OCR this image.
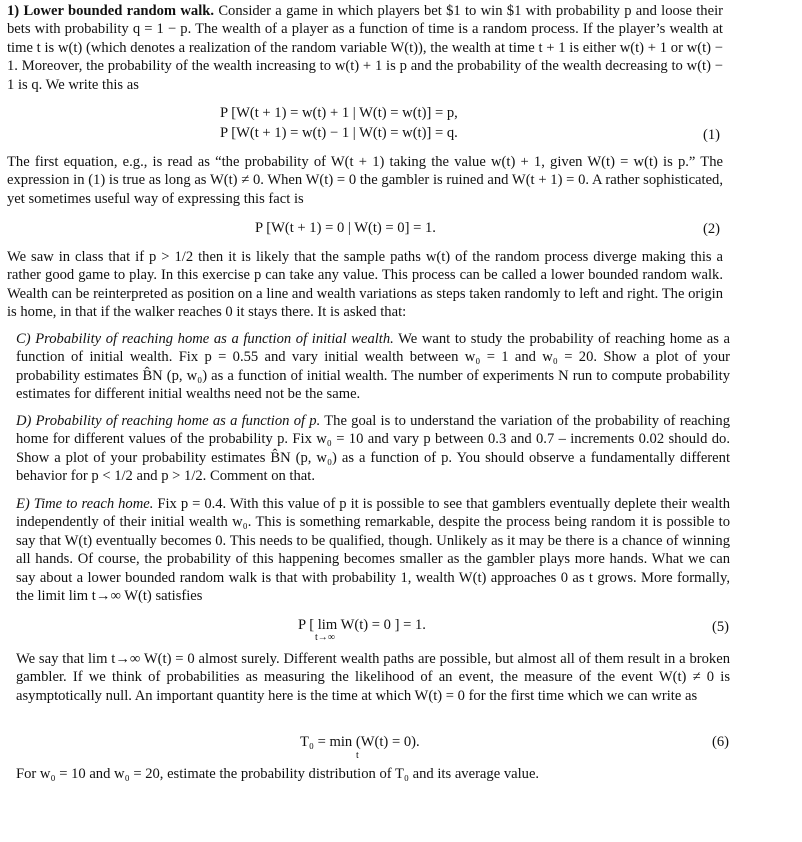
1) Lower bounded random walk. Consider a game in which players bet $1 to win $1 with probability p and loose their bets with probability q = 1 − p. The wealth of a player as a function of time is a random process. If the player’s wealth at time t is w(t) (which denotes a realization of the random variable W(t)), the wealth at time t + 1 is either w(t) + 1 or w(t) − 1. Moreover, the probability of the wealth increasing to w(t) + 1 is p and the probability of the wealth decreasing to w(t) − 1 is q. We write this as

P [W(t + 1) = w(t) + 1 | W(t) = w(t)] = p,
P [W(t + 1) = w(t) − 1 | W(t) = w(t)] = q.	(1)

The first equation, e.g., is read as “the probability of W(t + 1) taking the value w(t) + 1, given W(t) = w(t) is p.” The expression in (1) is true as long as W(t) ≠ 0. When W(t) = 0 the gambler is ruined and W(t + 1) = 0. A rather sophisticated, yet sometimes useful way of expressing this fact is

P [W(t + 1) = 0 | W(t) = 0] = 1.	(2)

We saw in class that if p > 1/2 then it is likely that the sample paths w(t) of the random process diverge making this a rather good game to play. In this exercise p can take any value. This process can be called a lower bounded random walk. Wealth can be reinterpreted as position on a line and wealth variations as steps taken randomly to left and right. The origin is home, in that if the walker reaches 0 it stays there. It is asked that:

C) Probability of reaching home as a function of initial wealth. We want to study the probability of reaching home as a function of initial wealth. Fix p = 0.55 and vary initial wealth between w₀ = 1 and w₀ = 20. Show a plot of your probability estimates B̂N (p, w₀) as a function of initial wealth. The number of experiments N run to compute probability estimates for different initial wealths need not be the same.

D) Probability of reaching home as a function of p. The goal is to understand the variation of the probability of reaching home for different values of the probability p. Fix w₀ = 10 and vary p between 0.3 and 0.7 – increments 0.02 should do. Show a plot of your probability estimates B̂N (p, w₀) as a function of p. You should observe a fundamentally different behavior for p < 1/2 and p > 1/2. Comment on that.

E) Time to reach home. Fix p = 0.4. With this value of p it is possible to see that gamblers eventually deplete their wealth independently of their initial wealth w₀. This is something remarkable, despite the process being random it is possible to say that W(t) eventually becomes 0. This needs to be qualified, though. Unlikely as it may be there is a chance of winning all hands. Of course, the probability of this happening becomes smaller as the gambler plays more hands. What we can say about a lower bounded random walk is that with probability 1, wealth W(t) approaches 0 as t grows. More formally, the limit lim t→∞ W(t) satisfies

P [ lim W(t) = 0 ] = 1.
t→∞
(5)

We say that lim t→∞ W(t) = 0 almost surely. Different wealth paths are possible, but almost all of them result in a broken gambler. If we think of probabilities as measuring the likelihood of an event, the measure of the event W(t) ≠ 0 is asymptotically null. An important quantity here is the time at which W(t) = 0 for the first time which we can write as

T₀ = min (W(t) = 0).
t
(6)

For w₀ = 10 and w₀ = 20, estimate the probability distribution of T₀ and its average value.
